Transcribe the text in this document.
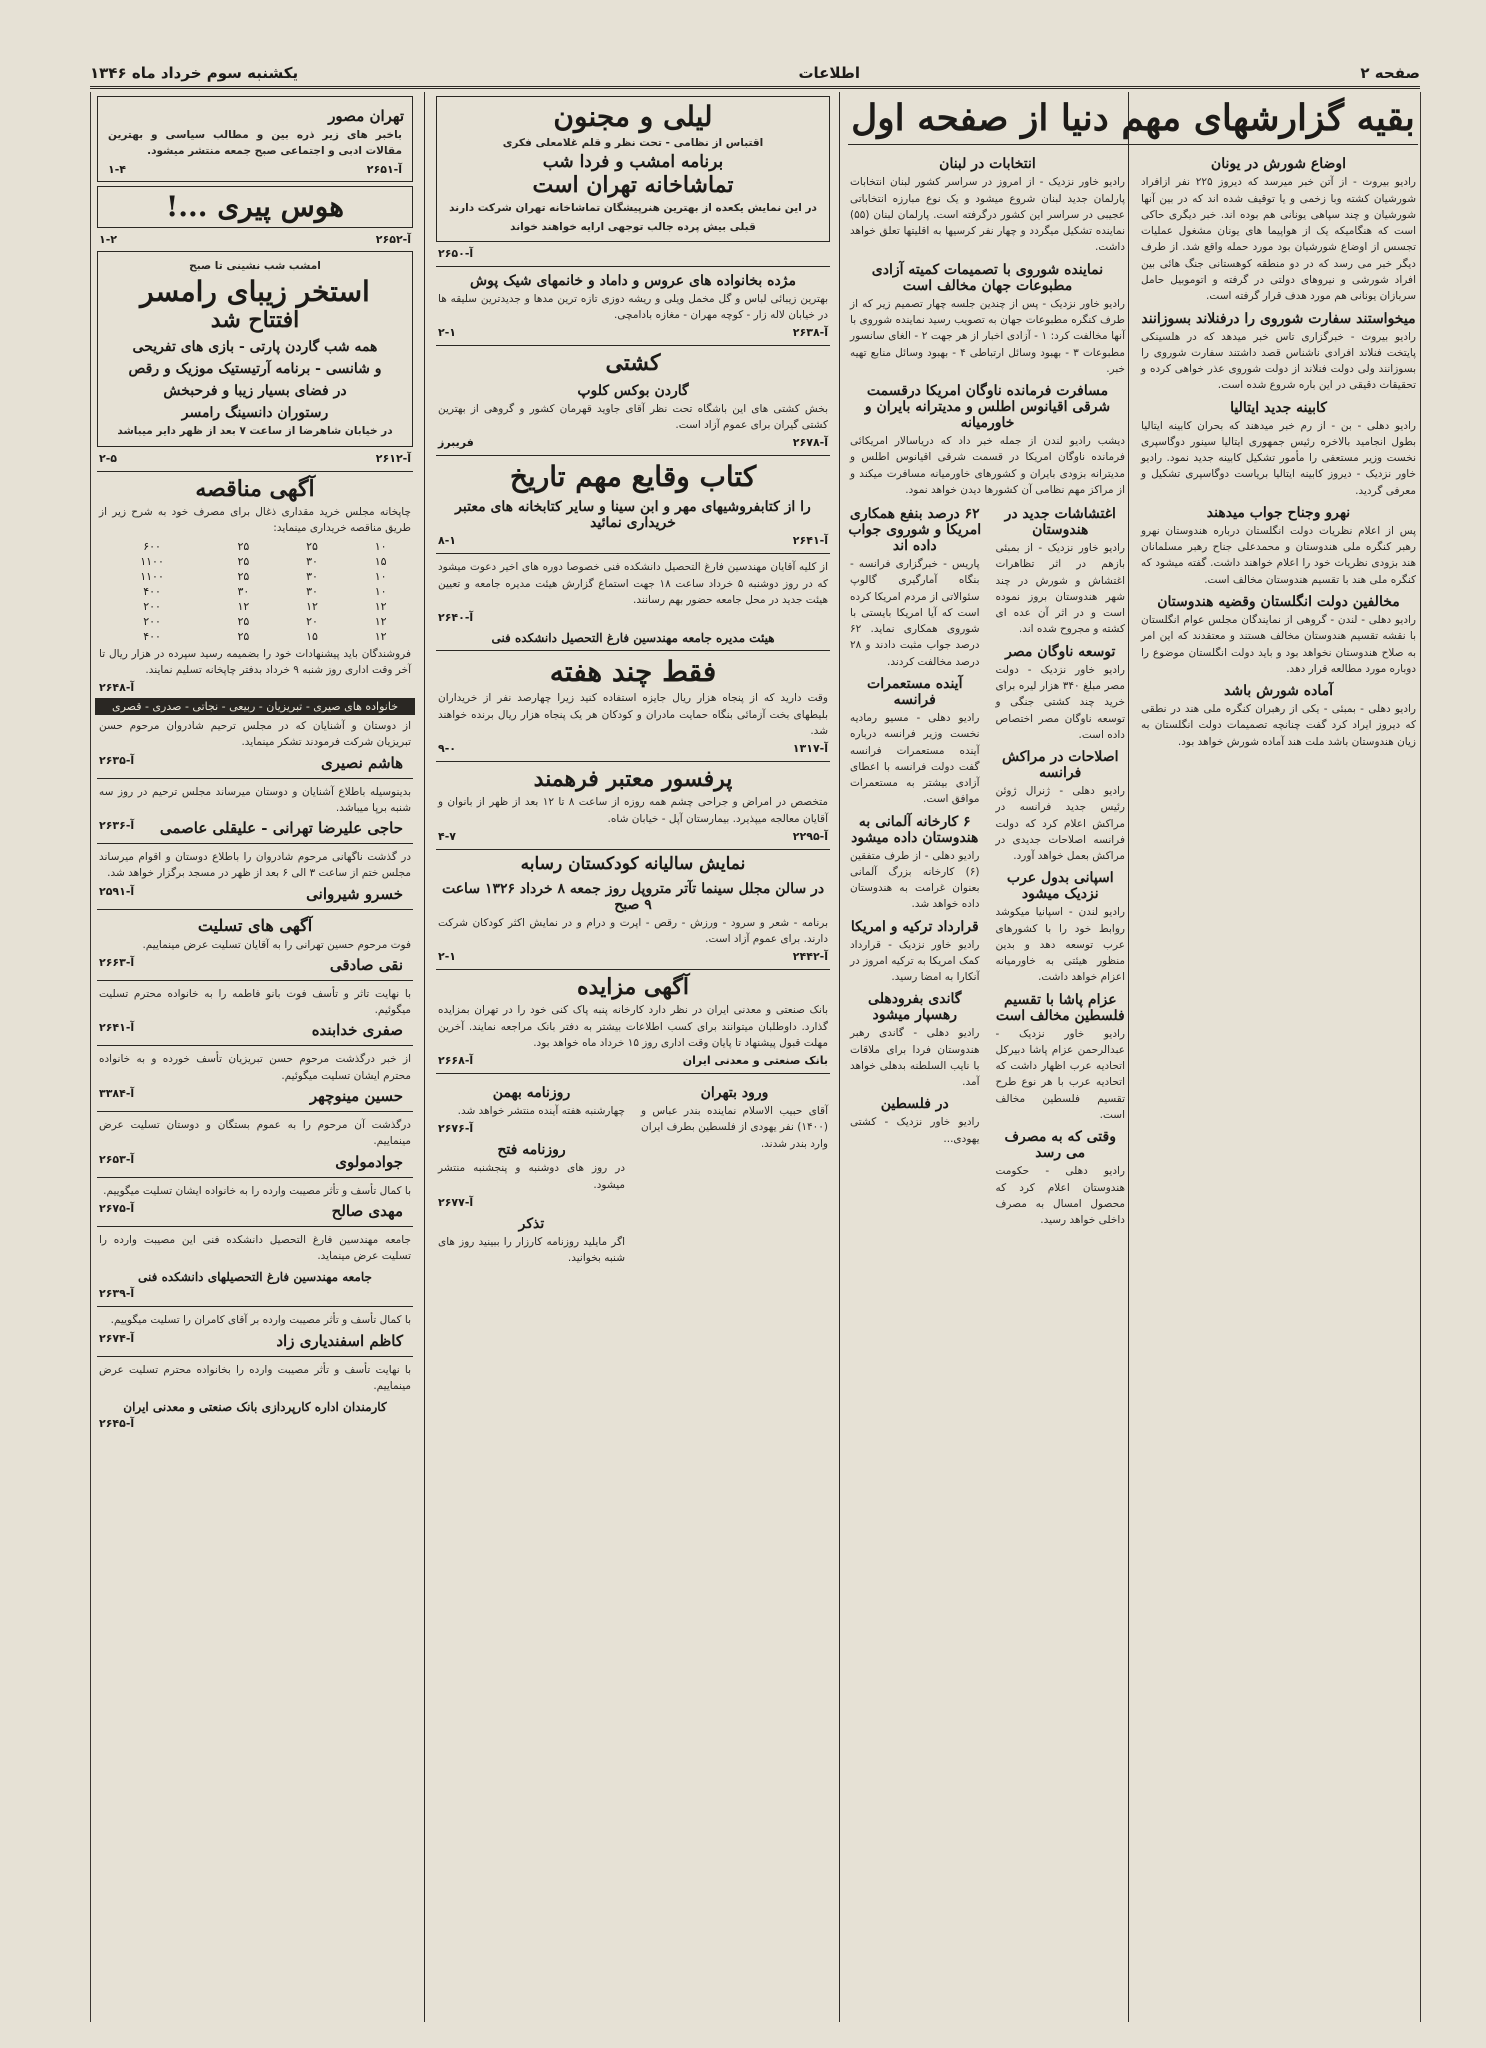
صفحه ۲
اطلاعات
یکشنبه سوم خرداد ماه ۱۳۴۶
بقیه گزارشهای مهم دنیا از صفحه اول
اوضاع شورش در یونان
رادیو بیروت - از آتن خبر میرسد که دیروز ۲۲۵ نفر ازافراد شورشیان کشته وبا زخمی و یا توقیف شده اند که در بین آنها شورشیان و چند سپاهی یونانی هم بوده اند. خبر دیگری حاکی است که هنگامیکه یک از هواپیما های یونان مشغول عملیات تجسس از اوضاع شورشیان بود مورد حمله واقع شد. از طرف دیگر خبر می رسد که در دو منطقه کوهستانی جنگ هائی بین افراد شورشی و نیروهای دولتی در گرفته و اتوموبیل حامل سربازان یونانی هم مورد هدف قرار گرفته است.
میخواستند سفارت شوروی را درفنلاند بسوزانند
رادیو بیروت - خبرگزاری تاس خبر میدهد که در هلسینکی پایتخت فنلاند افرادی ناشناس قصد داشتند سفارت شوروی را بسوزانند ولی دولت فنلاند از دولت شوروی عذر خواهی کرده و تحقیقات دقیقی در این باره شروع شده است.
کابینه جدید ایتالیا
رادیو دهلی - بن - از رم خبر میدهند که بحران کابینه ایتالیا بطول انجامید بالاخره رئیس جمهوری ایتالیا سینور دوگاسپری نخست وزیر مستعفی را مأمور تشکیل کابینه جدید نمود. رادیو خاور نزدیک - دیروز کابینه ایتالیا بریاست دوگاسپری تشکیل و معرفی گردید.
نهرو وجناح جواب میدهند
پس از اعلام نظریات دولت انگلستان درباره هندوستان نهرو رهبر کنگره ملی هندوستان و محمدعلی جناح رهبر مسلمانان هند بزودی نظریات خود را اعلام خواهند داشت. گفته میشود که کنگره ملی هند با تقسیم هندوستان مخالف است.
مخالفین دولت انگلستان وقضیه هندوستان
رادیو دهلی - لندن - گروهی از نمایندگان مجلس عوام انگلستان با نقشه تقسیم هندوستان مخالف هستند و معتقدند که این امر به صلاح هندوستان نخواهد بود و باید دولت انگلستان موضوع را دوباره مورد مطالعه قرار دهد.
آماده شورش باشد
رادیو دهلی - بمبئی - یکی از رهبران کنگره ملی هند در نطقی که دیروز ایراد کرد گفت چنانچه تصمیمات دولت انگلستان به زیان هندوستان باشد ملت هند آماده شورش خواهد بود.
انتخابات در لبنان
رادیو خاور نزدیک - از امروز در سراسر کشور لبنان انتخابات پارلمان جدید لبنان شروع میشود و یک نوع مبارزه انتخاباتی عجیبی در سراسر این کشور درگرفته است. پارلمان لبنان (۵۵) نماینده تشکیل میگردد و چهار نفر کرسیها به اقلیتها تعلق خواهد داشت.
نماینده شوروی با تصمیمات کمیته آزادی مطبوعات جهان مخالف است
رادیو خاور نزدیک - پس از چندین جلسه چهار تصمیم زیر که از طرف کنگره مطبوعات جهان به تصویب رسید نماینده شوروی با آنها مخالفت کرد: ۱ - آزادی اخبار از هر جهت ۲ - الغای سانسور مطبوعات ۳ - بهبود وسائل ارتباطی ۴ - بهبود وسائل منابع تهیه خبر.
مسافرت فرمانده ناوگان امریکا درقسمت شرقی اقیانوس اطلس و مدیترانه بایران و خاورمیانه
دیشب رادیو لندن از جمله خبر داد که دریاسالار امریکائی فرمانده ناوگان امریکا در قسمت شرقی اقیانوس اطلس و مدیترانه بزودی بایران و کشورهای خاورمیانه مسافرت میکند و از مراکز مهم نظامی آن کشورها دیدن خواهد نمود.
اغتشاشات جدید در هندوستان
رادیو خاور نزدیک - از بمبئی بازهم در اثر تظاهرات اغتشاش و شورش در چند شهر هندوستان بروز نموده است و در اثر آن عده ای کشته و مجروح شده اند.
توسعه ناوگان مصر
رادیو خاور نزدیک - دولت مصر مبلغ ۳۴۰ هزار لیره برای خرید چند کشتی جنگی و توسعه ناوگان مصر اختصاص داده است.
اصلاحات در مراکش فرانسه
رادیو دهلی - ژنرال ژوئن رئیس جدید فرانسه در مراکش اعلام کرد که دولت فرانسه اصلاحات جدیدی در مراکش بعمل خواهد آورد.
اسپانی بدول عرب نزدیک میشود
رادیو لندن - اسپانیا میکوشد روابط خود را با کشورهای عرب توسعه دهد و بدین منظور هیئتی به خاورمیانه اعزام خواهد داشت.
عزام پاشا با تقسیم فلسطین مخالف است
رادیو خاور نزدیک - عبدالرحمن عزام پاشا دبیرکل اتحادیه عرب اظهار داشت که اتحادیه عرب با هر نوع طرح تقسیم فلسطین مخالف است.
وقتی که به مصرف می رسد
رادیو دهلی - حکومت هندوستان اعلام کرد که محصول امسال به مصرف داخلی خواهد رسید.
۶۲ درصد بنفع همکاری امریکا و شوروی جواب داده اند
پاریس - خبرگزاری فرانسه - بنگاه آمارگیری گالوپ سئوالاتی از مردم امریکا کرده است که آیا امریکا بایستی با شوروی همکاری نماید. ۶۲ درصد جواب مثبت دادند و ۲۸ درصد مخالفت کردند.
آینده مستعمرات فرانسه
رادیو دهلی - مسیو رمادیه نخست وزیر فرانسه درباره آینده مستعمرات فرانسه گفت دولت فرانسه با اعطای آزادی بیشتر به مستعمرات موافق است.
۶ کارخانه آلمانی به هندوستان داده میشود
رادیو دهلی - از طرف متفقین (۶) کارخانه بزرگ آلمانی بعنوان غرامت به هندوستان داده خواهد شد.
قرارداد ترکیه و امریکا
رادیو خاور نزدیک - قرارداد کمک امریکا به ترکیه امروز در آنکارا به امضا رسید.
گاندی بفرودهلی رهسپار میشود
رادیو دهلی - گاندی رهبر هندوستان فردا برای ملاقات با نایب السلطنه بدهلی خواهد آمد.
در فلسطین
رادیو خاور نزدیک - کشتی یهودی...
لیلی و مجنون
اقتباس از نظامی - تحت نظر و قلم غلامعلی فکری
برنامه امشب و فردا شب
تماشاخانه تهران است
در این نمایش یکعده از بهترین هنرپیشگان تماشاخانه تهران شرکت دارند
قبلی بیش پرده جالب توجهی ارایه خواهند خواند
آ-۲۶۵۰
مژده بخانواده های عروس و داماد و خانمهای شیک پوش
بهترین زیبائی لباس و گل مخمل ویلی و ریشه دوزی تازه ترین مدها و جدیدترین سلیقه ها در خیابان لاله زار - کوچه مهران - مغازه بادامچی.
۲-۱	آ-۲۶۳۸
کشتی
گاردن بوکس کلوپ
بخش کشتی های این باشگاه تحت نظر آقای جاوید قهرمان کشور و گروهی از بهترین کشتی گیران برای عموم آزاد است.
فریبرز	آ-۲۶۷۸
کتاب وقایع مهم تاریخ
را از کتابفروشیهای مهر و ابن سینا و سایر کتابخانه های معتبر خریداری نمائید
۸-۱	آ-۲۶۴۱
از کلیه آقایان مهندسین فارغ التحصیل دانشکده فنی خصوصا دوره های اخیر دعوت میشود که در روز دوشنبه ۵ خرداد ساعت ۱۸ جهت استماع گزارش هیئت مدیره جامعه و تعیین هیئت جدید در محل جامعه حضور بهم رسانند.
آ-۲۶۴۰
هیئت مدیره جامعه مهندسین فارغ التحصیل دانشکده فنی
فقط چند هفته
وقت دارید که از پنجاه هزار ریال جایزه استفاده کنید زیرا چهارصد نفر از خریداران بلیطهای بخت آزمائی بنگاه حمایت مادران و کودکان هر یک پنجاه هزار ریال برنده خواهند شد.
۹-۰	آ-۱۳۱۷
پرفسور معتبر فرهمند
متخصص در امراض و جراحی چشم همه روزه از ساعت ۸ تا ۱۲ بعد از ظهر از بانوان و آقایان معالجه میپذیرد. بیمارستان آپل - خیابان شاه.
۴-۷	آ-۲۲۹۵
نمایش سالیانه کودکستان رسابه
در سالن مجلل سینما تآتر متروپل روز جمعه ۸ خرداد ۱۳۲۶ ساعت ۹ صبح
برنامه - شعر و سرود - ورزش - رقص - اپرت و درام و در نمایش اکثر کودکان شرکت دارند. برای عموم آزاد است.
۲-۱	آ-۲۴۴۲
آگهی مزایده
بانک صنعتی و معدنی ایران در نظر دارد کارخانه پنبه پاک کنی خود را در تهران بمزایده گذارد. داوطلبان میتوانند برای کسب اطلاعات بیشتر به دفتر بانک مراجعه نمایند. آخرین مهلت قبول پیشنهاد تا پایان وقت اداری روز ۱۵ خرداد ماه خواهد بود.
آ-۲۶۶۸	بانک صنعتی و معدنی ایران
ورود بتهران
آقای حبیب الاسلام نماینده بندر عباس و (۱۴۰۰) نفر یهودی از فلسطین بطرف ایران وارد بندر شدند.
روزنامه بهمن
چهارشنبه هفته آینده منتشر خواهد شد.
آ-۲۶۷۶
روزنامه فتح
در روز های دوشنبه و پنجشنبه منتشر میشود.
آ-۲۶۷۷
تذکر
اگر مایلید روزنامه کارزار را ببینید روز های شنبه بخوانید.
تهران مصور
باخبر های زیر ذره بین و مطالب سیاسی و بهترین مقالات ادبی و اجتماعی صبح جمعه منتشر میشود.
۱-۴	آ-۲۶۵۱
هوس پیری ...!
۱-۲	آ-۲۶۵۲
امشب شب نشینی تا صبح
استخر زیبای رامسر
افتتاح شد
همه شب گاردن پارتی - بازی های تفریحی
و شانسی - برنامه آرتیستیک موزیک و رقص
در فضای بسیار زیبا و فرحبخش
رستوران دانسینگ رامسر
در خیابان شاهرضا از ساعت ۷ بعد از ظهر دایر میباشد
۲-۵	آ-۲۶۱۲
آگهی مناقصه
چاپخانه مجلس خرید مقداری ذغال برای مصرف خود به شرح زیر از طریق مناقصه خریداری مینماید:
۱۰	۲۵	۲۵	۶۰۰
۱۵	۳۰	۲۵	۱۱۰۰
۱۰	۳۰	۲۵	۱۱۰۰
۱۰	۳۰	۳۰	۴۰۰
۱۲	۱۲	۱۲	۲۰۰
۱۲	۲۰	۲۵	۲۰۰
۱۲	۱۵	۲۵	۴۰۰
فروشندگان باید پیشنهادات خود را بضمیمه رسید سپرده در هزار ریال تا آخر وقت اداری روز شنبه ۹ خرداد بدفتر چاپخانه تسلیم نمایند.
آ-۲۶۴۸
خانواده های صیری - تبریزیان - ربیعی - نجاتی - صدری - قصری
از دوستان و آشنایان که در مجلس ترحیم شادروان مرحوم حسن تبریزیان شرکت فرمودند تشکر مینماید.
آ-۲۶۳۵	هاشم نصیری
بدینوسیله باطلاع آشنایان و دوستان میرساند مجلس ترحیم در روز سه شنبه برپا میباشد.
آ-۲۶۳۶	حاجی علیرضا تهرانی - علیقلی عاصمی
در گذشت ناگهانی مرحوم شادروان را باطلاع دوستان و اقوام میرساند مجلس ختم از ساعت ۳ الی ۶ بعد از ظهر در مسجد برگزار خواهد شد.
آ-۲۵۹۱	خسرو شیروانی
آگهی های تسلیت
فوت مرحوم حسین تهرانی را به آقایان تسلیت عرض مینماییم.
آ-۲۶۶۳	نقی صادقی
با نهایت تاثر و تأسف فوت بانو فاطمه را به خانواده محترم تسلیت میگوئیم.
آ-۲۶۴۱	صفری خدابنده
از خبر درگذشت مرحوم حسن تبریزیان تأسف خورده و به خانواده محترم ایشان تسلیت میگوئیم.
آ-۳۳۸۴	حسین مینوچهر
درگذشت آن مرحوم را به عموم بستگان و دوستان تسلیت عرض مینماییم.
آ-۲۶۵۳	جوادمولوی
با کمال تأسف و تأثر مصیبت وارده را به خانواده ایشان تسلیت میگوییم.
آ-۲۶۷۵	مهدی صالح
جامعه مهندسین فارغ التحصیل دانشکده فنی این مصیبت وارده را تسلیت عرض مینماید.
جامعه مهندسین فارغ التحصیلهای دانشکده فنی
آ-۲۶۳۹
با کمال تأسف و تأثر مصیبت وارده بر آقای کامران را تسلیت میگوییم.
آ-۲۶۷۴	کاظم اسفندیاری زاد
با نهایت تأسف و تأثر مصیبت وارده را بخانواده محترم تسلیت عرض مینماییم.
کارمندان اداره کارپردازی بانک صنعتی و معدنی ایران
آ-۲۶۴۵
